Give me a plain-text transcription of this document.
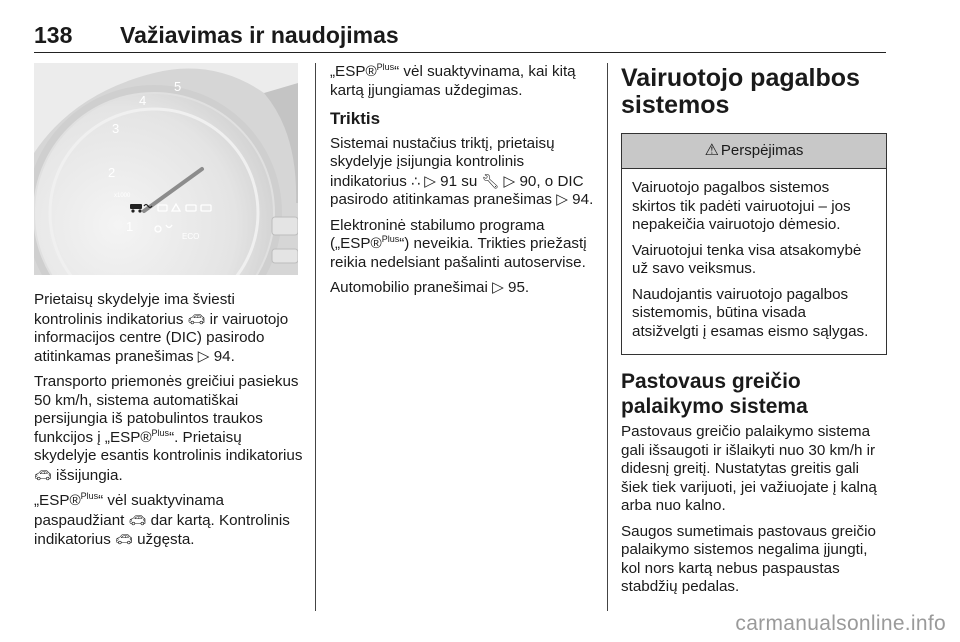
138 Važiavimas ir naudojimas
1
2
3
4
5
x1000
ECO

Prietaisų skydelyje ima šviesti kontrolinis indikatorius 🚗︎ ir vairuotojo informacijos centre (DIC) pasirodo atitinkamas pranešimas ▷ 94.

Transporto priemonės greičiui pasiekus 50 km/h, sistema automatiškai persijungia iš patobulintos traukos funkcijos į „ESP®$^{Plus}$“. Prietaisų skydelyje esantis kontrolinis indikatorius 🚗︎ išsijungia.

„ESP®$^{Plus}$“ vėl suaktyvinama paspaudžiant 🚗︎ dar kartą. Kontrolinis indikatorius 🚗︎ užgęsta.

„ESP®$^{Plus}$“ vėl suaktyvinama, kai kitą kartą įjungiamas uždegimas.

Triktis

Sistemai nustačius triktį, prietaisų skydelyje įsijungia kontrolinis indikatorius ∴ ▷ 91 su 🔧︎ ▷ 90, o DIC pasirodo atitinkamas pranešimas ▷ 94.

Elektroninė stabilumo programa („ESP®$^{Plus}$“) neveikia. Trikties priežastį reikia nedelsiant pašalinti autoservise.

Automobilio pranešimai ▷ 95.

Vairuotojo pagalbos sistemos
⚠︎ Perspėjimas

Vairuotojo pagalbos sistemos skirtos tik padėti vairuotojui – jos nepakeičia vairuotojo dėmesio.

Vairuotojui tenka visa atsakomybė už savo veiksmus.

Naudojantis vairuotojo pagalbos sistemomis, būtina visada atsižvelgti į esamas eismo sąlygas.

Pastovaus greičio palaikymo sistema

Pastovaus greičio palaikymo sistema gali išsaugoti ir išlaikyti nuo 30 km/h ir didesnį greitį. Nustatytas greitis gali šiek tiek varijuoti, jei važiuojate į kalną arba nuo kalno.

Saugos sumetimais pastovaus greičio palaikymo sistemos negalima įjungti, kol nors kartą nebus paspaustas stabdžių pedalas.

carmanualsonline.info
